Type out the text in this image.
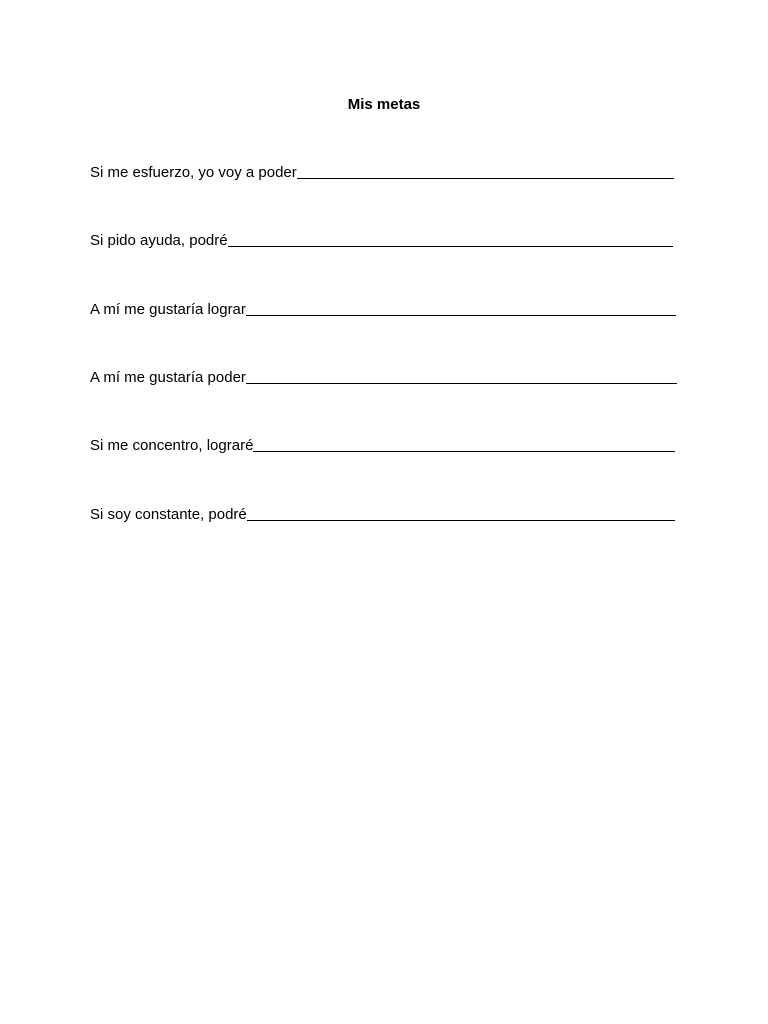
Mis metas
Si me esfuerzo, yo voy a poder
Si pido ayuda, podré
A mí me gustaría lograr
A mí me gustaría poder
Si me concentro, lograré
Si soy constante, podré
